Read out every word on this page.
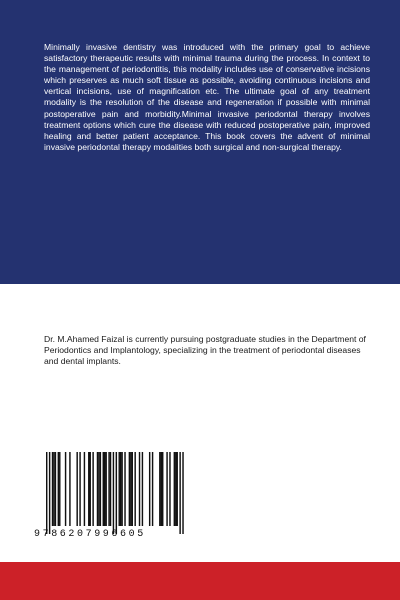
Minimally invasive dentistry was introduced with the primary goal to achieve satisfactory therapeutic results with minimal trauma during the process. In context to the management of periodontitis, this modality includes use of conservative incisions which preserves as much soft tissue as possible, avoiding continuous incisions and vertical incisions, use of magnification etc. The ultimate goal of any treatment modality is the resolution of the disease and regeneration if possible with minimal postoperative pain and morbidity.Minimal invasive periodontal therapy involves treatment options which cure the disease with reduced postoperative pain, improved healing and better patient acceptance. This book covers the advent of minimal invasive periodontal therapy modalities both surgical and non-surgical therapy.

Dr. M.Ahamed Faizal is currently pursuing postgraduate studies in the Department of Periodontics and Implantology, specializing in the treatment of periodontal diseases and dental implants.

9786207996605
